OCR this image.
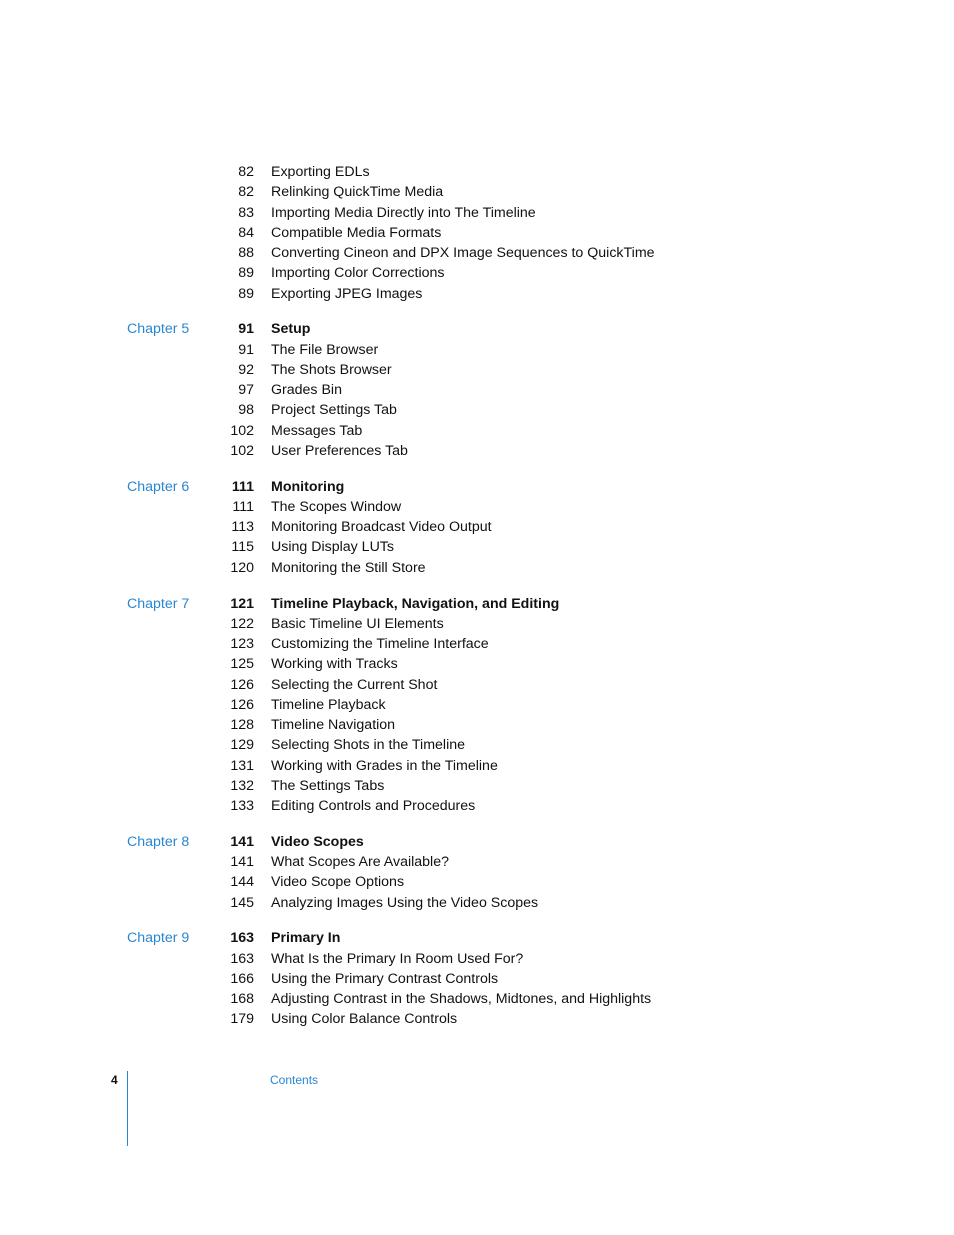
82 Exporting EDLs
82 Relinking QuickTime Media
83 Importing Media Directly into The Timeline
84 Compatible Media Formats
88 Converting Cineon and DPX Image Sequences to QuickTime
89 Importing Color Corrections
89 Exporting JPEG Images
Chapter 5	91 Setup
91 The File Browser
92 The Shots Browser
97 Grades Bin
98 Project Settings Tab
102 Messages Tab
102 User Preferences Tab
Chapter 6	111 Monitoring
111 The Scopes Window
113 Monitoring Broadcast Video Output
115 Using Display LUTs
120 Monitoring the Still Store
Chapter 7	121 Timeline Playback, Navigation, and Editing
122 Basic Timeline UI Elements
123 Customizing the Timeline Interface
125 Working with Tracks
126 Selecting the Current Shot
126 Timeline Playback
128 Timeline Navigation
129 Selecting Shots in the Timeline
131 Working with Grades in the Timeline
132 The Settings Tabs
133 Editing Controls and Procedures
Chapter 8	141 Video Scopes
141 What Scopes Are Available?
144 Video Scope Options
145 Analyzing Images Using the Video Scopes
Chapter 9	163 Primary In
163 What Is the Primary In Room Used For?
166 Using the Primary Contrast Controls
168 Adjusting Contrast in the Shadows, Midtones, and Highlights
179 Using Color Balance Controls
4	Contents
